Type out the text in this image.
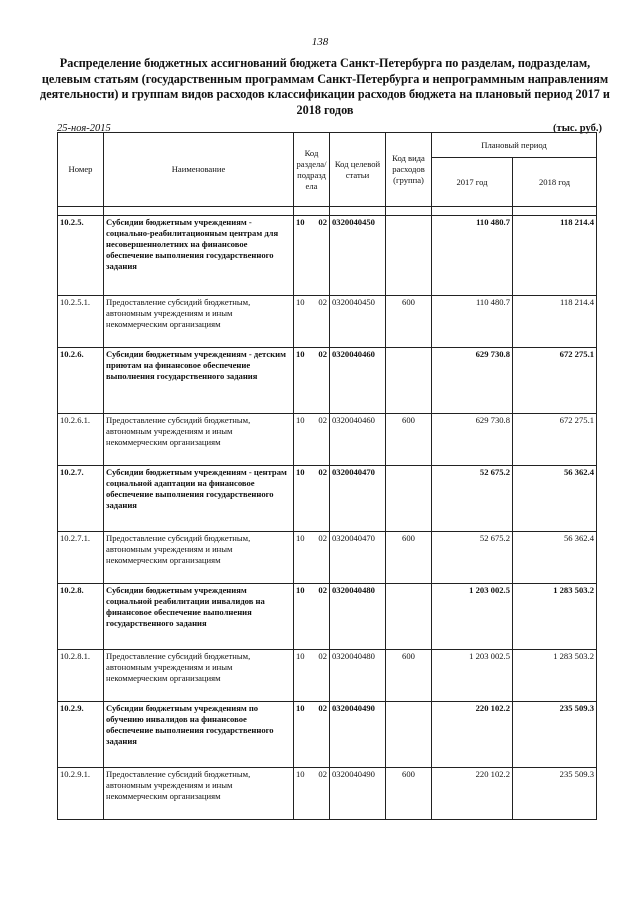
138
Распределение бюджетных ассигнований бюджета Санкт-Петербурга по разделам, подразделам, целевым статьям (государственным программам Санкт-Петербурга и непрограммным направлениям деятельности) и группам видов расходов классификации расходов бюджета на плановый период 2017 и 2018 годов
25-ноя-2015	(тыс. руб.)
Номер	Наименование	Код раздела/ подразд ела	Код целевой статьи	Код вида расходов (группа)	Плановый период	
					2017 год	2018 год

10.2.5.	Субсидии бюджетным учреждениям - социально-реабилитационным центрам для несовершеннолетних на финансовое обеспечение выполнения государственного задания	10 02	0320040450		110 480.7	118 214.4
10.2.5.1.	Предоставление субсидий бюджетным, автономным учреждениям и иным некоммерческим организациям	10 02	0320040450	600	110 480.7	118 214.4
10.2.6.	Субсидии бюджетным учреждениям - детским приютам на финансовое обеспечение выполнения государственного задания	10 02	0320040460		629 730.8	672 275.1
10.2.6.1.	Предоставление субсидий бюджетным, автономным учреждениям и иным некоммерческим организациям	10 02	0320040460	600	629 730.8	672 275.1
10.2.7.	Субсидии бюджетным учреждениям - центрам социальной адаптации на финансовое обеспечение выполнения государственного задания	10 02	0320040470		52 675.2	56 362.4
10.2.7.1.	Предоставление субсидий бюджетным, автономным учреждениям и иным некоммерческим организациям	10 02	0320040470	600	52 675.2	56 362.4
10.2.8.	Субсидии бюджетным учреждениям социальной реабилитации инвалидов на финансовое обеспечение выполнения государственного задания	10 02	0320040480		1 203 002.5	1 283 503.2
10.2.8.1.	Предоставление субсидий бюджетным, автономным учреждениям и иным некоммерческим организациям	10 02	0320040480	600	1 203 002.5	1 283 503.2
10.2.9.	Субсидии бюджетным учреждениям по обучению инвалидов на финансовое обеспечение выполнения государственного задания	10 02	0320040490		220 102.2	235 509.3
10.2.9.1.	Предоставление субсидий бюджетным, автономным учреждениям и иным некоммерческим организациям	10 02	0320040490	600	220 102.2	235 509.3
